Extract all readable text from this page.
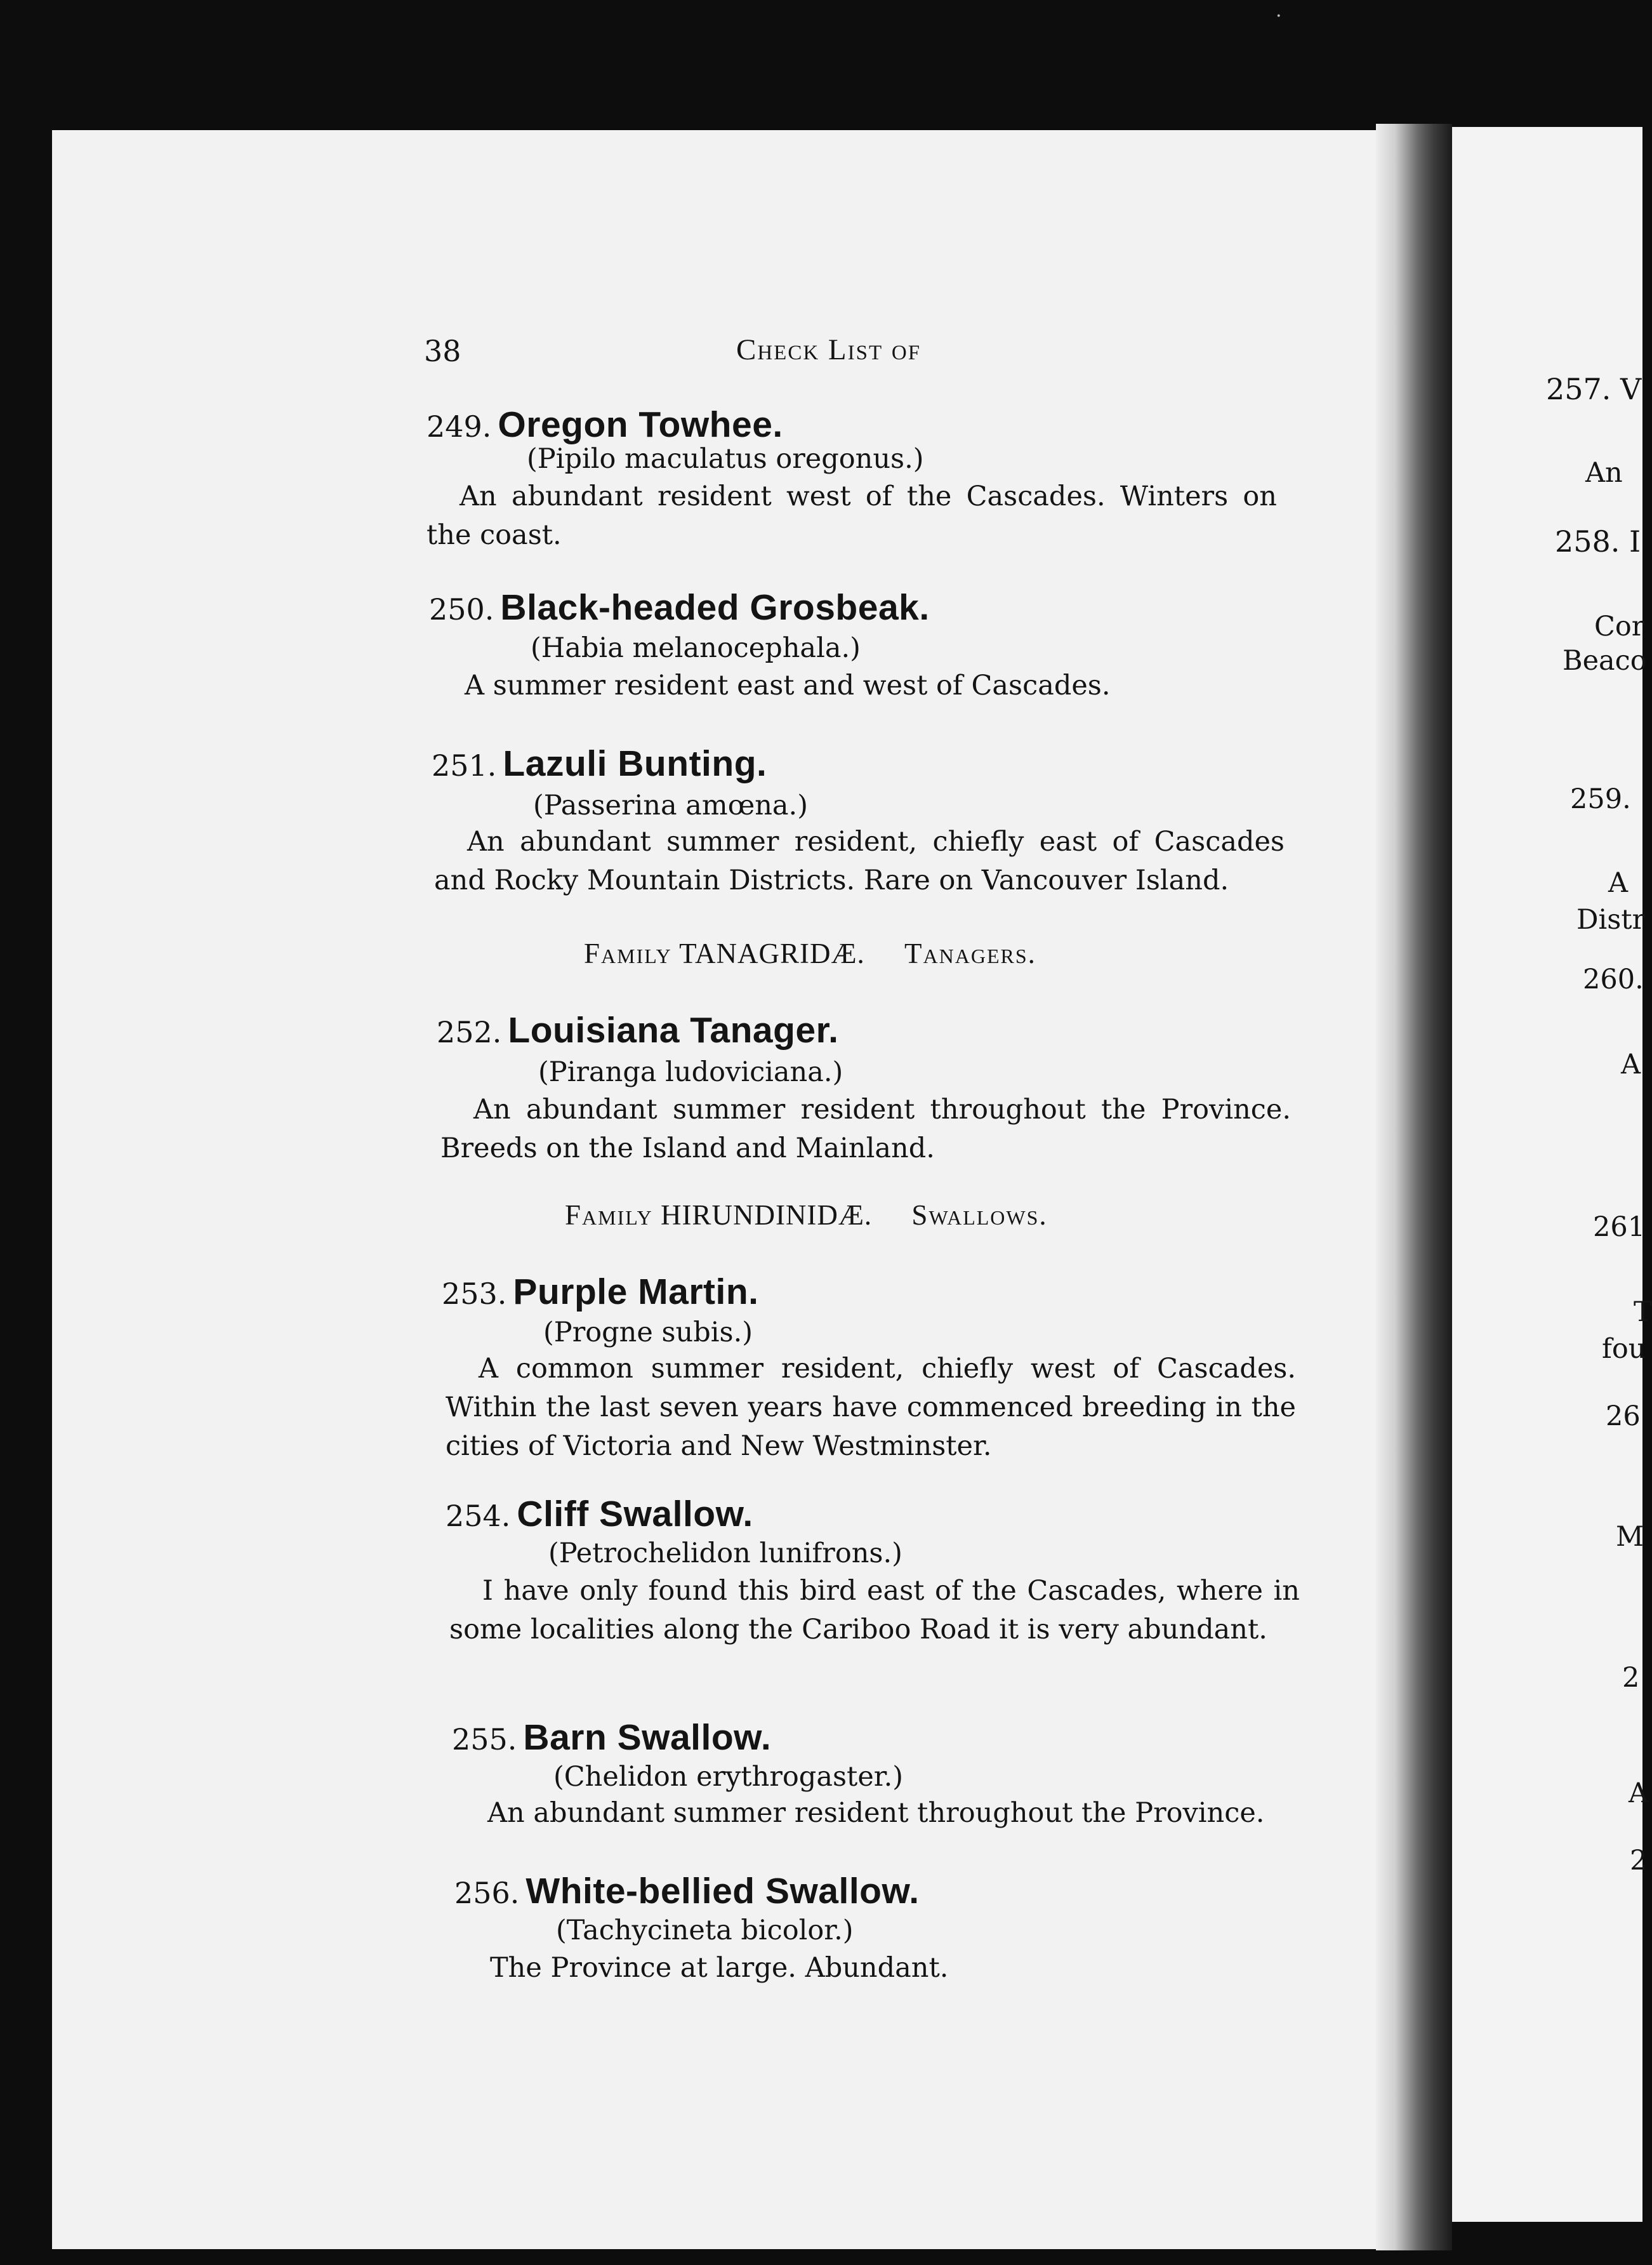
·
38	Check List of
249. Oregon Towhee.
(Pipilo maculatus oregonus.)

An abundant resident west of the Cascades. Winters on the coast.

250. Black-headed Grosbeak.
(Habia melanocephala.)

A summer resident east and west of Cascades.

251. Lazuli Bunting.
(Passerina amœna.)

An abundant summer resident, chiefly east of Cascades and Rocky Mountain Districts. Rare on Vancouver Island.

Family TANAGRIDÆ. Tanagers.
252. Louisiana Tanager.
(Piranga ludoviciana.)

An abundant summer resident throughout the Province. Breeds on the Island and Mainland.

Family HIRUNDINIDÆ. Swallows.
253. Purple Martin.
(Progne subis.)

A common summer resident, chiefly west of Cascades. Within the last seven years have commenced breeding in the cities of Victoria and New Westminster.

254. Cliff Swallow.
(Petrochelidon lunifrons.)

I have only found this bird east of the Cascades, where in some localities along the Cariboo Road it is very abundant.

255. Barn Swallow.
(Chelidon erythrogaster.)

An abundant summer resident throughout the Province.

256. White-bellied Swallow.
(Tachycineta bicolor.)

The Province at large. Abundant.

257. V
An
258. I
Cor
Beaco
259.
A
Distr
260.
A
261
T
fou
26
M
2
A
2
